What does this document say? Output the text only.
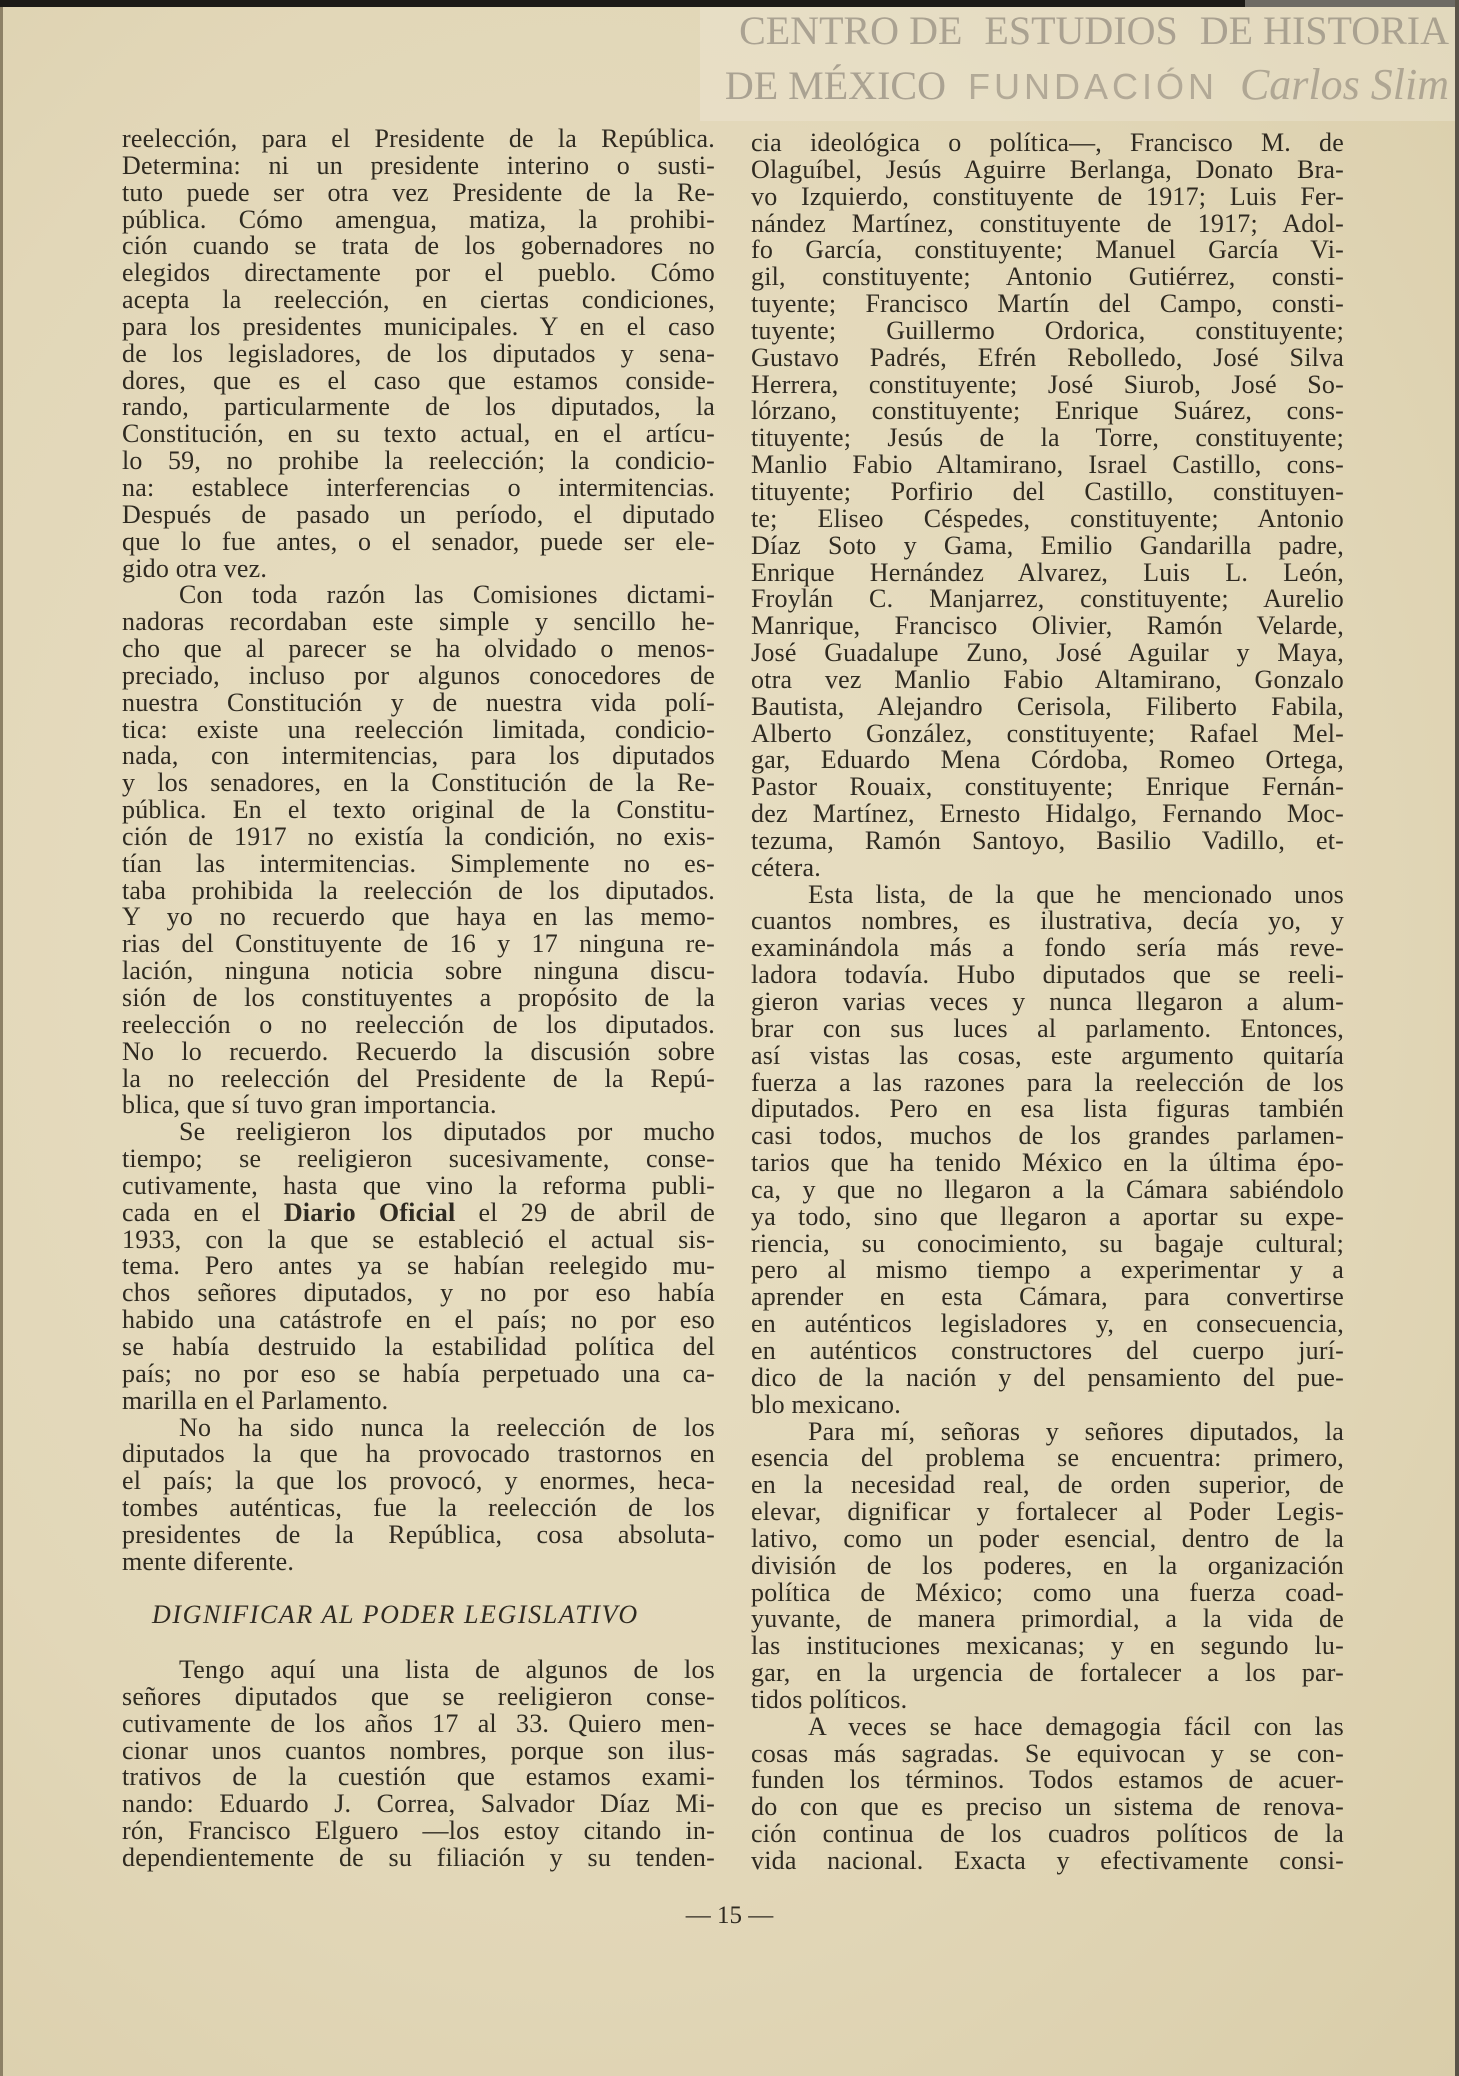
CENTRO DE ESTUDIOS DE HISTORIA
DE MÉXICO FUNDACIÓN Carlos Slim
reelección, para el Presidente de la República.
Determina: ni un presidente interino o susti-
tuto puede ser otra vez Presidente de la Re-
pública. Cómo amengua, matiza, la prohibi-
ción cuando se trata de los gobernadores no
elegidos directamente por el pueblo. Cómo
acepta la reelección, en ciertas condiciones,
para los presidentes municipales. Y en el caso
de los legisladores, de los diputados y sena-
dores, que es el caso que estamos conside-
rando, particularmente de los diputados, la
Constitución, en su texto actual, en el artícu-
lo 59, no prohibe la reelección; la condicio-
na: establece interferencias o intermitencias.
Después de pasado un período, el diputado
que lo fue antes, o el senador, puede ser ele-
gido otra vez.
Con toda razón las Comisiones dictami-
nadoras recordaban este simple y sencillo he-
cho que al parecer se ha olvidado o menos-
preciado, incluso por algunos conocedores de
nuestra Constitución y de nuestra vida polí-
tica: existe una reelección limitada, condicio-
nada, con intermitencias, para los diputados
y los senadores, en la Constitución de la Re-
pública. En el texto original de la Constitu-
ción de 1917 no existía la condición, no exis-
tían las intermitencias. Simplemente no es-
taba prohibida la reelección de los diputados.
Y yo no recuerdo que haya en las memo-
rias del Constituyente de 16 y 17 ninguna re-
lación, ninguna noticia sobre ninguna discu-
sión de los constituyentes a propósito de la
reelección o no reelección de los diputados.
No lo recuerdo. Recuerdo la discusión sobre
la no reelección del Presidente de la Repú-
blica, que sí tuvo gran importancia.
Se reeligieron los diputados por mucho
tiempo; se reeligieron sucesivamente, conse-
cutivamente, hasta que vino la reforma publi-
cada en el Diario Oficial el 29 de abril de
1933, con la que se estableció el actual sis-
tema. Pero antes ya se habían reelegido mu-
chos señores diputados, y no por eso había
habido una catástrofe en el país; no por eso
se había destruido la estabilidad política del
país; no por eso se había perpetuado una ca-
marilla en el Parlamento.
No ha sido nunca la reelección de los
diputados la que ha provocado trastornos en
el país; la que los provocó, y enormes, heca-
tombes auténticas, fue la reelección de los
presidentes de la República, cosa absoluta-
mente diferente.
DIGNIFICAR AL PODER LEGISLATIVO
Tengo aquí una lista de algunos de los
señores diputados que se reeligieron conse-
cutivamente de los años 17 al 33. Quiero men-
cionar unos cuantos nombres, porque son ilus-
trativos de la cuestión que estamos exami-
nando: Eduardo J. Correa, Salvador Díaz Mi-
rón, Francisco Elguero —los estoy citando in-
dependientemente de su filiación y su tenden-
cia ideológica o política—, Francisco M. de
Olaguíbel, Jesús Aguirre Berlanga, Donato Bra-
vo Izquierdo, constituyente de 1917; Luis Fer-
nández Martínez, constituyente de 1917; Adol-
fo García, constituyente; Manuel García Vi-
gil, constituyente; Antonio Gutiérrez, consti-
tuyente; Francisco Martín del Campo, consti-
tuyente; Guillermo Ordorica, constituyente;
Gustavo Padrés, Efrén Rebolledo, José Silva
Herrera, constituyente; José Siurob, José So-
lórzano, constituyente; Enrique Suárez, cons-
tituyente; Jesús de la Torre, constituyente;
Manlio Fabio Altamirano, Israel Castillo, cons-
tituyente; Porfirio del Castillo, constituyen-
te; Eliseo Céspedes, constituyente; Antonio
Díaz Soto y Gama, Emilio Gandarilla padre,
Enrique Hernández Alvarez, Luis L. León,
Froylán C. Manjarrez, constituyente; Aurelio
Manrique, Francisco Olivier, Ramón Velarde,
José Guadalupe Zuno, José Aguilar y Maya,
otra vez Manlio Fabio Altamirano, Gonzalo
Bautista, Alejandro Cerisola, Filiberto Fabila,
Alberto González, constituyente; Rafael Mel-
gar, Eduardo Mena Córdoba, Romeo Ortega,
Pastor Rouaix, constituyente; Enrique Fernán-
dez Martínez, Ernesto Hidalgo, Fernando Moc-
tezuma, Ramón Santoyo, Basilio Vadillo, et-
cétera.
Esta lista, de la que he mencionado unos
cuantos nombres, es ilustrativa, decía yo, y
examinándola más a fondo sería más reve-
ladora todavía. Hubo diputados que se reeli-
gieron varias veces y nunca llegaron a alum-
brar con sus luces al parlamento. Entonces,
así vistas las cosas, este argumento quitaría
fuerza a las razones para la reelección de los
diputados. Pero en esa lista figuras también
casi todos, muchos de los grandes parlamen-
tarios que ha tenido México en la última épo-
ca, y que no llegaron a la Cámara sabiéndolo
ya todo, sino que llegaron a aportar su expe-
riencia, su conocimiento, su bagaje cultural;
pero al mismo tiempo a experimentar y a
aprender en esta Cámara, para convertirse
en auténticos legisladores y, en consecuencia,
en auténticos constructores del cuerpo jurí-
dico de la nación y del pensamiento del pue-
blo mexicano.
Para mí, señoras y señores diputados, la
esencia del problema se encuentra: primero,
en la necesidad real, de orden superior, de
elevar, dignificar y fortalecer al Poder Legis-
lativo, como un poder esencial, dentro de la
división de los poderes, en la organización
política de México; como una fuerza coad-
yuvante, de manera primordial, a la vida de
las instituciones mexicanas; y en segundo lu-
gar, en la urgencia de fortalecer a los par-
tidos políticos.
A veces se hace demagogia fácil con las
cosas más sagradas. Se equivocan y se con-
funden los términos. Todos estamos de acuer-
do con que es preciso un sistema de renova-
ción continua de los cuadros políticos de la
vida nacional. Exacta y efectivamente consi-
— 15 —
